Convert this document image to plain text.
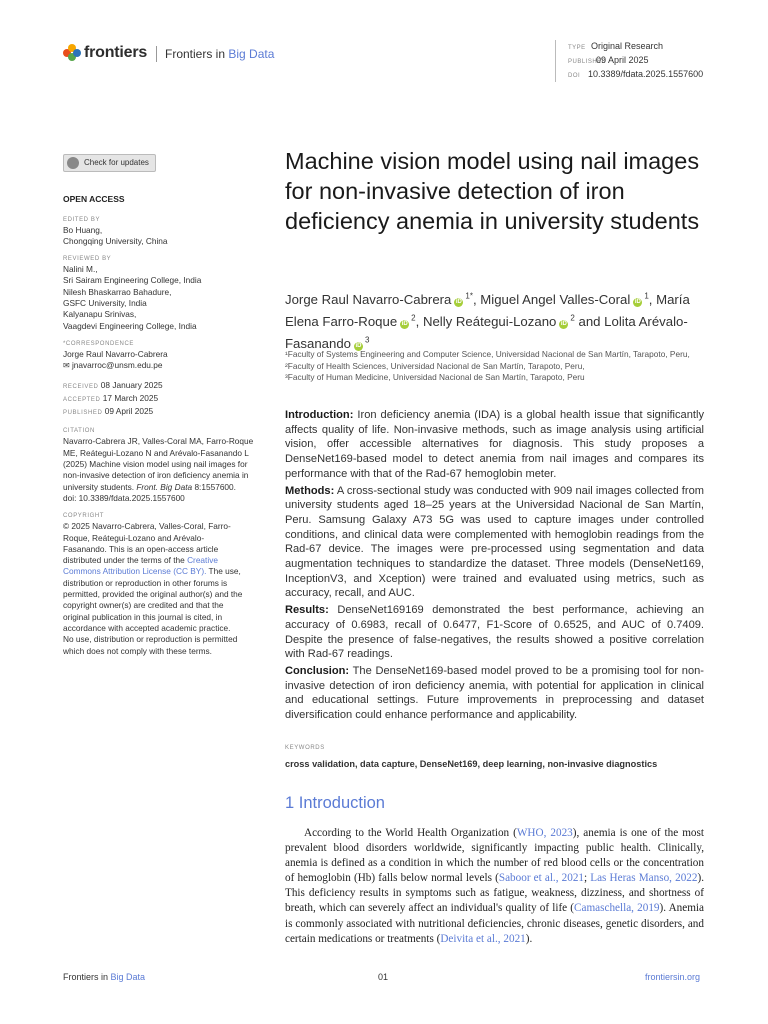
frontiers	Frontiers in Big Data	TYPE Original Research
PUBLISHED09 April 2025
DOI 10.3389/fdata.2025.1557600
Check for updates
OPEN ACCESS
EDITED BY
Bo Huang,
Chongqing University, China
REVIEWED BY
Nalini M.,
Sri Sairam Engineering College, India
Nilesh Bhaskarrao Bahadure,
GSFC University, India
Kalyanapu Srinivas,
Vaagdevi Engineering College, India
*CORRESPONDENCE
Jorge Raul Navarro-Cabrera
✉ jnavarroc@unsm.edu.pe
RECEIVED 08 January 2025
ACCEPTED 17 March 2025
PUBLISHED 09 April 2025
CITATION
Navarro-Cabrera JR, Valles-Coral MA, Farro-Roque ME, Reátegui-Lozano N and Arévalo-Fasanando L (2025) Machine vision model using nail images for non-invasive detection of iron deficiency anemia in university students. Front. Big Data 8:1557600.
doi: 10.3389/fdata.2025.1557600
COPYRIGHT
© 2025 Navarro-Cabrera, Valles-Coral, Farro-Roque, Reátegui-Lozano and Arévalo-Fasanando. This is an open-access article distributed under the terms of the Creative Commons Attribution License (CC BY). The use, distribution or reproduction in other forums is permitted, provided the original author(s) and the copyright owner(s) are credited and that the original publication in this journal is cited, in accordance with accepted academic practice. No use, distribution or reproduction is permitted which does not comply with these terms.
Machine vision model using nail images for non-invasive detection of iron deficiency anemia in university students
Jorge Raul Navarro-Cabrera $iD^{1*}$, Miguel Angel Valles-Coral $iD^1$, María Elena Farro-Roque $iD^2$, Nelly Reátegui-Lozano $iD^2$ and Lolita Arévalo-Fasanando $iD^3$
¹Faculty of Systems Engineering and Computer Science, Universidad Nacional de San Martín, Tarapoto, Peru, ²Faculty of Health Sciences, Universidad Nacional de San Martín, Tarapoto, Peru,
³Faculty of Human Medicine, Universidad Nacional de San Martín, Tarapoto, Peru

Introduction: Iron deficiency anemia (IDA) is a global health issue that significantly affects quality of life. Non-invasive methods, such as image analysis using artificial vision, offer accessible alternatives for diagnosis. This study proposes a DenseNet169-based model to detect anemia from nail images and compares its performance with that of the Rad-67 hemoglobin meter.

Methods: A cross-sectional study was conducted with 909 nail images collected from university students aged 18–25 years at the Universidad Nacional de San Martín, Peru. Samsung Galaxy A73 5G was used to capture images under controlled conditions, and clinical data were complemented with hemoglobin readings from the Rad-67 device. The images were pre-processed using segmentation and data augmentation techniques to standardize the dataset. Three models (DenseNet169, InceptionV3, and Xception) were trained and evaluated using metrics, such as accuracy, recall, and AUC.

Results: DenseNet169169 demonstrated the best performance, achieving an accuracy of 0.6983, recall of 0.6477, F1-Score of 0.6525, and AUC of 0.7409. Despite the presence of false-negatives, the results showed a positive correlation with Rad-67 readings.

Conclusion: The DenseNet169-based model proved to be a promising tool for non-invasive detection of iron deficiency anemia, with potential for application in clinical and educational settings. Future improvements in preprocessing and dataset diversification could enhance performance and applicability.

KEYWORDS
cross validation, data capture, DenseNet169, deep learning, non-invasive diagnostics
1 Introduction
According to the World Health Organization (WHO, 2023), anemia is one of the most prevalent blood disorders worldwide, significantly impacting public health. Clinically, anemia is defined as a condition in which the number of red blood cells or the concentration of hemoglobin (Hb) falls below normal levels (Saboor et al., 2021; Las Heras Manso, 2022). This deficiency results in symptoms such as fatigue, weakness, dizziness, and shortness of breath, which can severely affect an individual's quality of life (Camaschella, 2019). Anemia is commonly associated with nutritional deficiencies, chronic diseases, genetic disorders, and certain medications or treatments (Deivita et al., 2021).
Frontiers in Big Data	01	frontiersin.org
